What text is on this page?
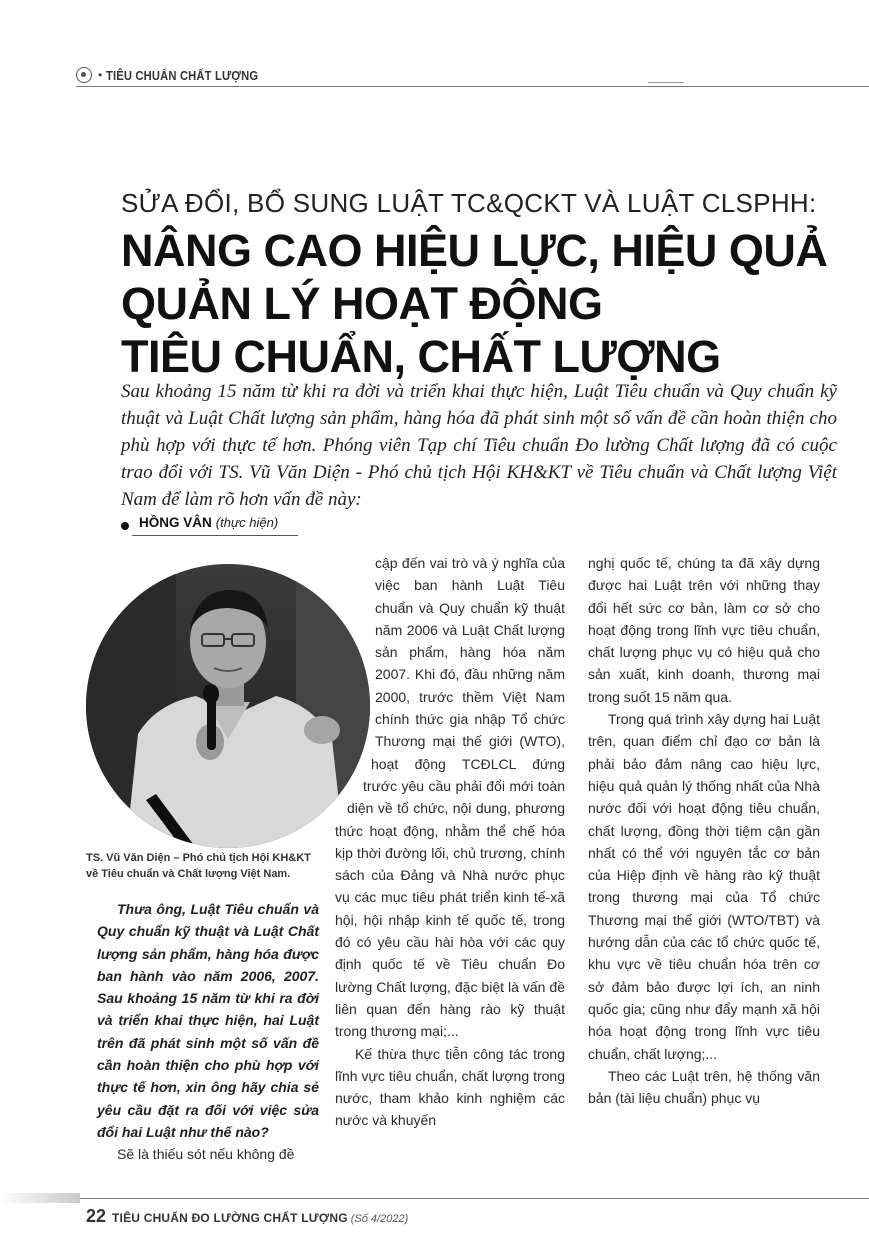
• TIÊU CHUẨN CHẤT LƯỢNG
SỬA ĐỔI, BỔ SUNG LUẬT TC&QCKT VÀ LUẬT CLSPHH:
NÂNG CAO HIỆU LỰC, HIỆU QUẢ
QUẢN LÝ HOẠT ĐỘNG
TIÊU CHUẨN, CHẤT LƯỢNG
Sau khoảng 15 năm từ khi ra đời và triển khai thực hiện, Luật Tiêu chuẩn và Quy chuẩn kỹ thuật và Luật Chất lượng sản phẩm, hàng hóa đã phát sinh một số vấn đề cần hoàn thiện cho phù hợp với thực tế hơn. Phóng viên Tạp chí Tiêu chuẩn Đo lường Chất lượng đã có cuộc trao đổi với TS. Vũ Văn Diện - Phó chủ tịch Hội KH&KT về Tiêu chuẩn và Chất lượng Việt Nam để làm rõ hơn vấn đề này:
HỒNG VÂN (thực hiện)
TS. Vũ Văn Diện – Phó chủ tịch Hội KH&KT về Tiêu chuẩn và Chất lượng Việt Nam.

Thưa ông, Luật Tiêu chuẩn và Quy chuẩn kỹ thuật và Luật Chất lượng sản phẩm, hàng hóa được ban hành vào năm 2006, 2007. Sau khoảng 15 năm từ khi ra đời và triển khai thực hiện, hai Luật trên đã phát sinh một số vấn đề cần hoàn thiện cho phù hợp với thực tế hơn, xin ông hãy chia sẻ yêu cầu đặt ra đối với việc sửa đổi hai Luật như thế nào?

Sẽ là thiếu sót nếu không đề

cập đến vai trò và ý nghĩa của việc ban hành Luật Tiêu chuẩn và Quy chuẩn kỹ thuật năm 2006 và Luật Chất lượng sản phẩm, hàng hóa năm 2007. Khi đó, đầu những năm 2000, trước thềm Việt Nam chính thức gia nhập Tổ chức Thương mại thế giới (WTO), hoạt động TCĐLCL đứng trước yêu cầu phải đổi mới toàn diện về tổ chức, nội dung, phương thức hoạt động, nhằm thể chế hóa kịp thời đường lối, chủ trương, chính sách của Đảng và Nhà nước phục vụ các mục tiêu phát triển kinh tế-xã hội, hội nhập kinh tế quốc tế, trong đó có yêu cầu hài hòa với các quy định quốc tế về Tiêu chuẩn Đo lường Chất lượng, đặc biệt là vấn đề liên quan đến hàng rào kỹ thuật trong thương mại;...

Kế thừa thực tiễn công tác trong lĩnh vực tiêu chuẩn, chất lượng trong nước, tham khảo kinh nghiệm các nước và khuyến

nghị quốc tế, chúng ta đã xây dựng được hai Luật trên với những thay đổi hết sức cơ bản, làm cơ sở cho hoạt động trong lĩnh vực tiêu chuẩn, chất lượng phục vụ có hiệu quả cho sản xuất, kinh doanh, thương mại trong suốt 15 năm qua.

Trong quá trình xây dựng hai Luật trên, quan điểm chỉ đạo cơ bản là phải bảo đảm nâng cao hiệu lực, hiệu quả quản lý thống nhất của Nhà nước đối với hoạt động tiêu chuẩn, chất lượng, đồng thời tiệm cận gần nhất có thể với nguyên tắc cơ bản của Hiệp định về hàng rào kỹ thuật trong thương mại của Tổ chức Thương mại thế giới (WTO/TBT) và hướng dẫn của các tổ chức quốc tế, khu vực về tiêu chuẩn hóa trên cơ sở đảm bảo được lợi ích, an ninh quốc gia; cũng như đẩy mạnh xã hội hóa hoạt động trong lĩnh vực tiêu chuẩn, chất lượng;...

Theo các Luật trên, hệ thống văn bản (tài liệu chuẩn) phục vụ

22 TIÊU CHUẨN ĐO LƯỜNG CHẤT LƯỢNG (Số 4/2022)
